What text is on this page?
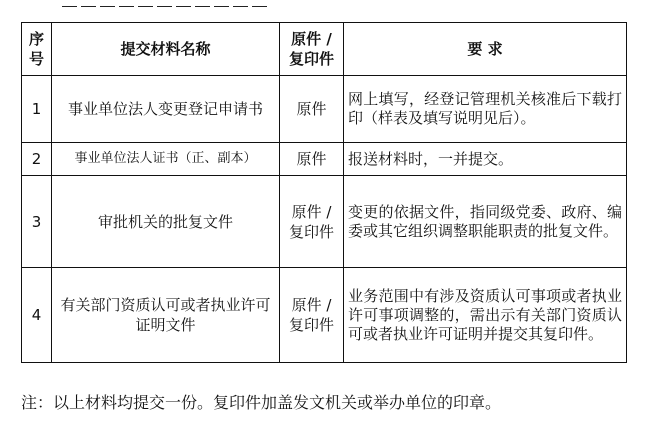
序号	提交材料名称	原件 / 复印件	要 求
1	事业单位法人变更登记申请书	原件	网上填写，经登记管理机关核准后下载打印（样表及填写说明见后）。
2	事业单位法人证书（正、副本）	原件	报送材料时，一并提交。
3	审批机关的批复文件	原件 / 复印件	变更的依据文件，指同级党委、政府、编委或其它组织调整职能职责的批复文件。
4	有关部门资质认可或者执业许可证明文件	原件 / 复印件	业务范围中有涉及资质认可事项或者执业许可事项调整的，需出示有关部门资质认可或者执业许可证明并提交其复印件。
注：以上材料均提交一份。复印件加盖发文机关或举办单位的印章。
